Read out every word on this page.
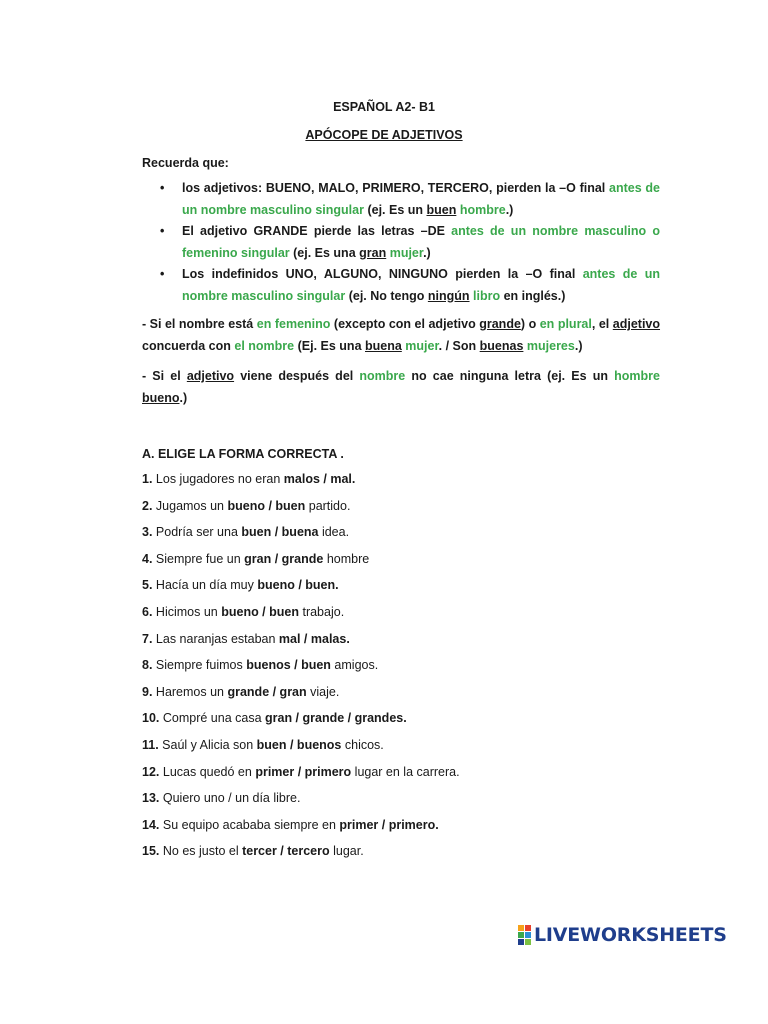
ESPAÑOL A2- B1
APÓCOPE DE ADJETIVOS
Recuerda que:
• los adjetivos: BUENO, MALO, PRIMERO, TERCERO, pierden la –O final antes de un nombre masculino singular (ej. Es un buen hombre.)
• El adjetivo GRANDE pierde las letras –DE antes de un nombre masculino o femenino singular (ej. Es una gran mujer.)
• Los indefinidos UNO, ALGUNO, NINGUNO pierden la –O final antes de un nombre masculino singular (ej. No tengo ningún libro en inglés.)
- Si el nombre está en femenino (excepto con el adjetivo grande) o en plural, el adjetivo concuerda con el nombre (Ej. Es una buena mujer. / Son buenas mujeres.)
- Si el adjetivo viene después del nombre no cae ninguna letra (ej. Es un hombre bueno.)
A. ELIGE LA FORMA CORRECTA .
1. Los jugadores no eran malos / mal.
2. Jugamos un bueno / buen partido.
3. Podría ser una buen / buena idea.
4. Siempre fue un gran / grande hombre
5. Hacía un día muy bueno / buen.
6. Hicimos un bueno / buen trabajo.
7. Las naranjas estaban mal / malas.
8. Siempre fuimos buenos / buen amigos.
9. Haremos un grande / gran viaje.
10. Compré una casa gran / grande / grandes.
11. Saúl y Alicia son buen / buenos chicos.
12. Lucas quedó en primer / primero lugar en la carrera.
13. Quiero uno / un día libre.
14. Su equipo acababa siempre en primer / primero.
15. No es justo el tercer / tercero lugar.
LIVEWORKSHEETS
